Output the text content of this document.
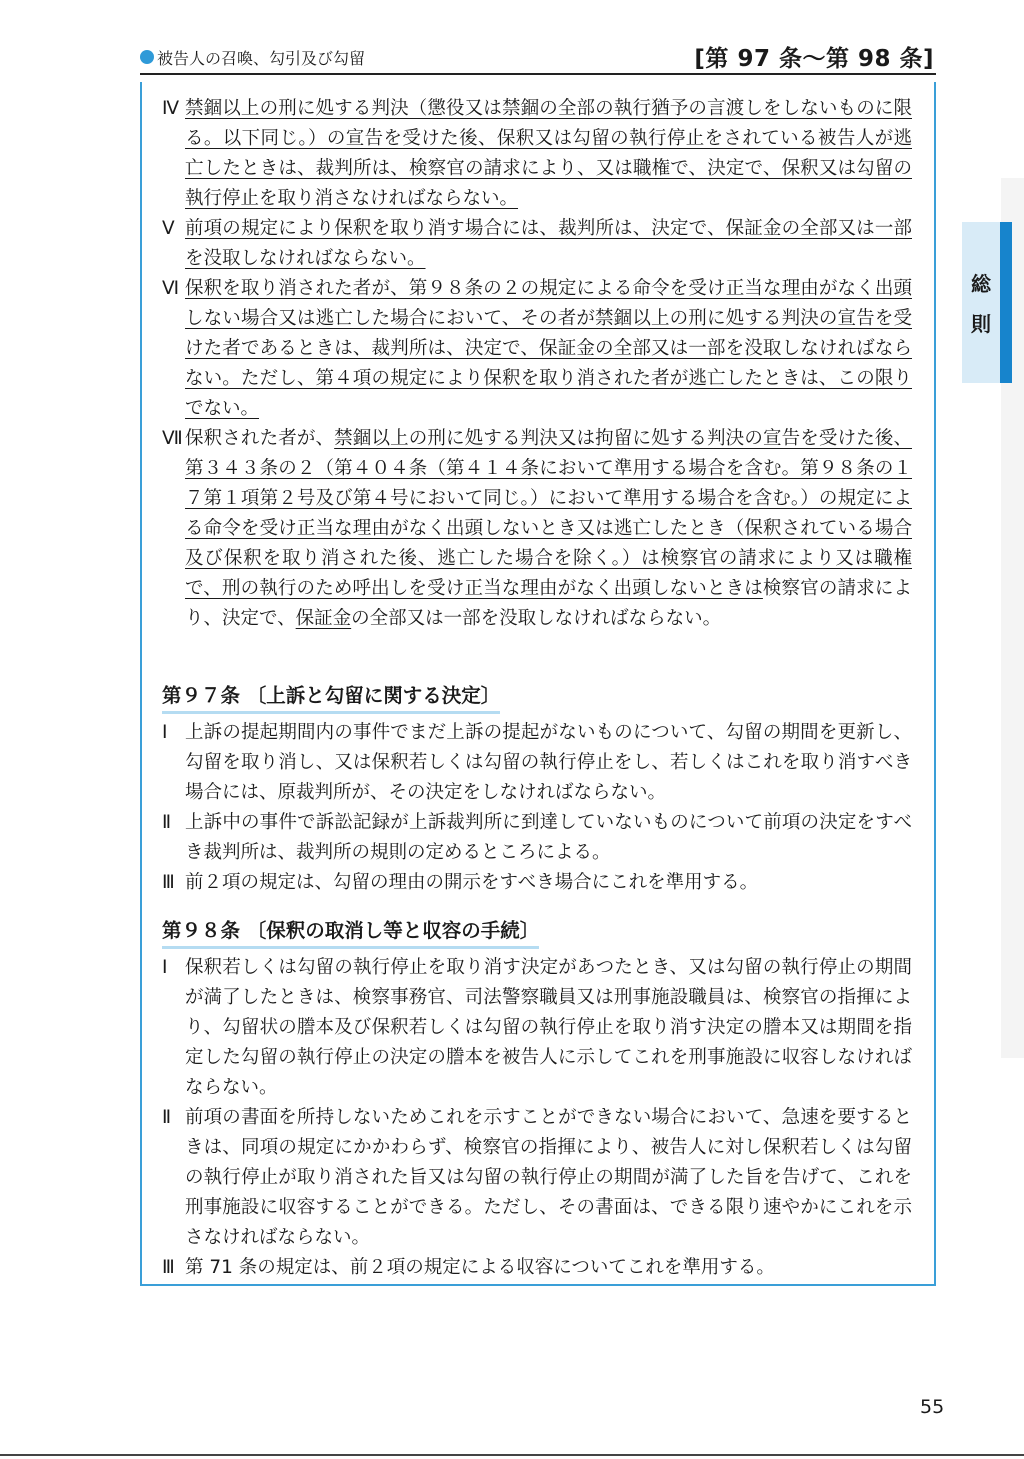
被告人の召喚、勾引及び勾留	[第 97 条〜第 98 条]
総
則
Ⅳ 禁錮以上の刑に処する判決（懲役又は禁錮の全部の執行猶予の言渡しをしないものに限る。以下同じ。）の宣告を受けた後、保釈又は勾留の執行停止をされている被告人が逃亡したときは、裁判所は、検察官の請求により、又は職権で、決定で、保釈又は勾留の執行停止を取り消さなければならない。
Ⅴ 前項の規定により保釈を取り消す場合には、裁判所は、決定で、保証金の全部又は一部を没取しなければならない。
Ⅵ 保釈を取り消された者が、第９８条の２の規定による命令を受け正当な理由がなく出頭しない場合又は逃亡した場合において、その者が禁錮以上の刑に処する判決の宣告を受けた者であるときは、裁判所は、決定で、保証金の全部又は一部を没取しなければならない。ただし、第４項の規定により保釈を取り消された者が逃亡したときは、この限りでない。
Ⅶ 保釈された者が、禁錮以上の刑に処する判決又は拘留に処する判決の宣告を受けた後、第３４３条の２（第４０４条（第４１４条において準用する場合を含む。第９８条の１７第１項第２号及び第４号において同じ。）において準用する場合を含む。）の規定による命令を受け正当な理由がなく出頭しないとき又は逃亡したとき（保釈されている場合及び保釈を取り消された後、逃亡した場合を除く。）は検察官の請求により又は職権で、刑の執行のため呼出しを受け正当な理由がなく出頭しないときは検察官の請求により、決定で、保証金の全部又は一部を没取しなければならない。
第９７条 〔上訴と勾留に関する決定〕
Ⅰ 上訴の提起期間内の事件でまだ上訴の提起がないものについて、勾留の期間を更新し、勾留を取り消し、又は保釈若しくは勾留の執行停止をし、若しくはこれを取り消すべき場合には、原裁判所が、その決定をしなければならない。
Ⅱ 上訴中の事件で訴訟記録が上訴裁判所に到達していないものについて前項の決定をすべき裁判所は、裁判所の規則の定めるところによる。
Ⅲ 前２項の規定は、勾留の理由の開示をすべき場合にこれを準用する。
第９８条 〔保釈の取消し等と収容の手続〕
Ⅰ 保釈若しくは勾留の執行停止を取り消す決定があつたとき、又は勾留の執行停止の期間が満了したときは、検察事務官、司法警察職員又は刑事施設職員は、検察官の指揮により、勾留状の謄本及び保釈若しくは勾留の執行停止を取り消す決定の謄本又は期間を指定した勾留の執行停止の決定の謄本を被告人に示してこれを刑事施設に収容しなければならない。
Ⅱ 前項の書面を所持しないためこれを示すことができない場合において、急速を要するときは、同項の規定にかかわらず、検察官の指揮により、被告人に対し保釈若しくは勾留の執行停止が取り消された旨又は勾留の執行停止の期間が満了した旨を告げて、これを刑事施設に収容することができる。ただし、その書面は、できる限り速やかにこれを示さなければならない。
Ⅲ 第 71 条の規定は、前２項の規定による収容についてこれを準用する。
55
